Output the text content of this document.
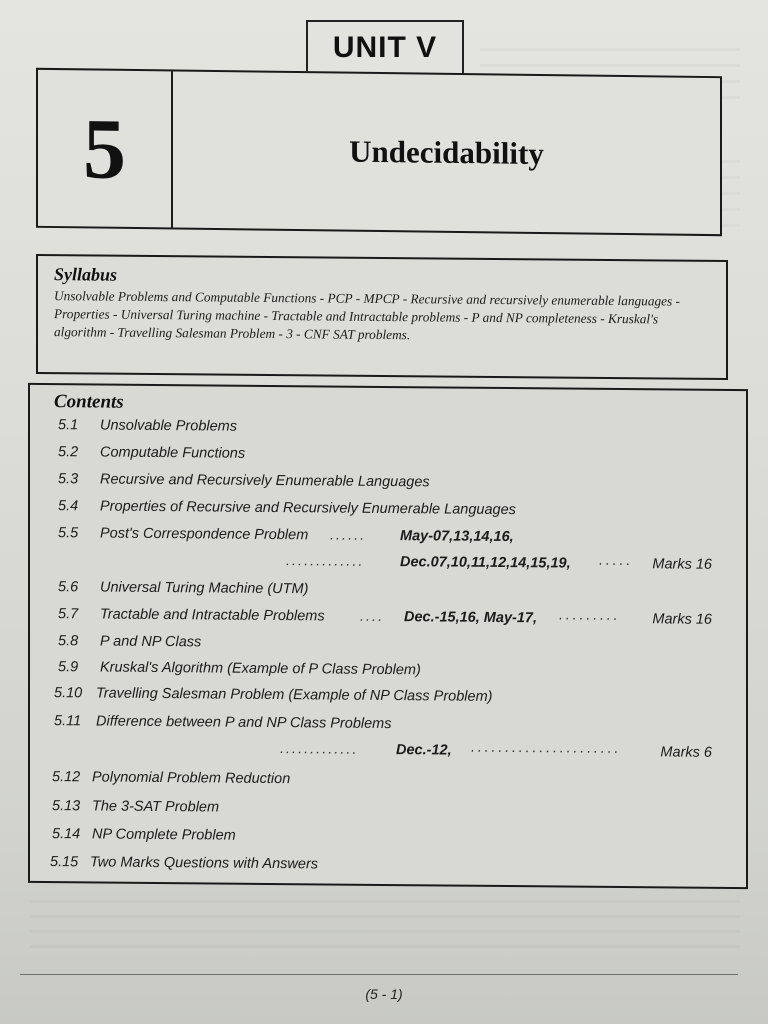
UNIT V
5	Undecidability
Syllabus
Unsolvable Problems and Computable Functions - PCP - MPCP - Recursive and recursively enumerable languages - Properties - Universal Turing machine - Tractable and Intractable problems - P and NP completeness - Kruskal's algorithm - Travelling Salesman Problem - 3 - CNF SAT problems.
Contents
5.1 Unsolvable Problems
5.2 Computable Functions
5.3 Recursive and Recursively Enumerable Languages
5.4 Properties of Recursive and Recursively Enumerable Languages
5.5 Post's Correspondence Problem ...... May-07,13,14,16,
............. Dec.07,10,11,12,14,15,19, ····· Marks 16
5.6 Universal Turing Machine (UTM)
5.7 Tractable and Intractable Problems .... Dec.-15,16, May-17, ········· Marks 16
5.8 P and NP Class
5.9 Kruskal's Algorithm (Example of P Class Problem)
5.10 Travelling Salesman Problem (Example of NP Class Problem)
5.11 Difference between P and NP Class Problems
.............	Dec.-12, ······················	Marks 6
5.12 Polynomial Problem Reduction
5.13 The 3-SAT Problem
5.14 NP Complete Problem
5.15 Two Marks Questions with Answers
(5 - 1)
